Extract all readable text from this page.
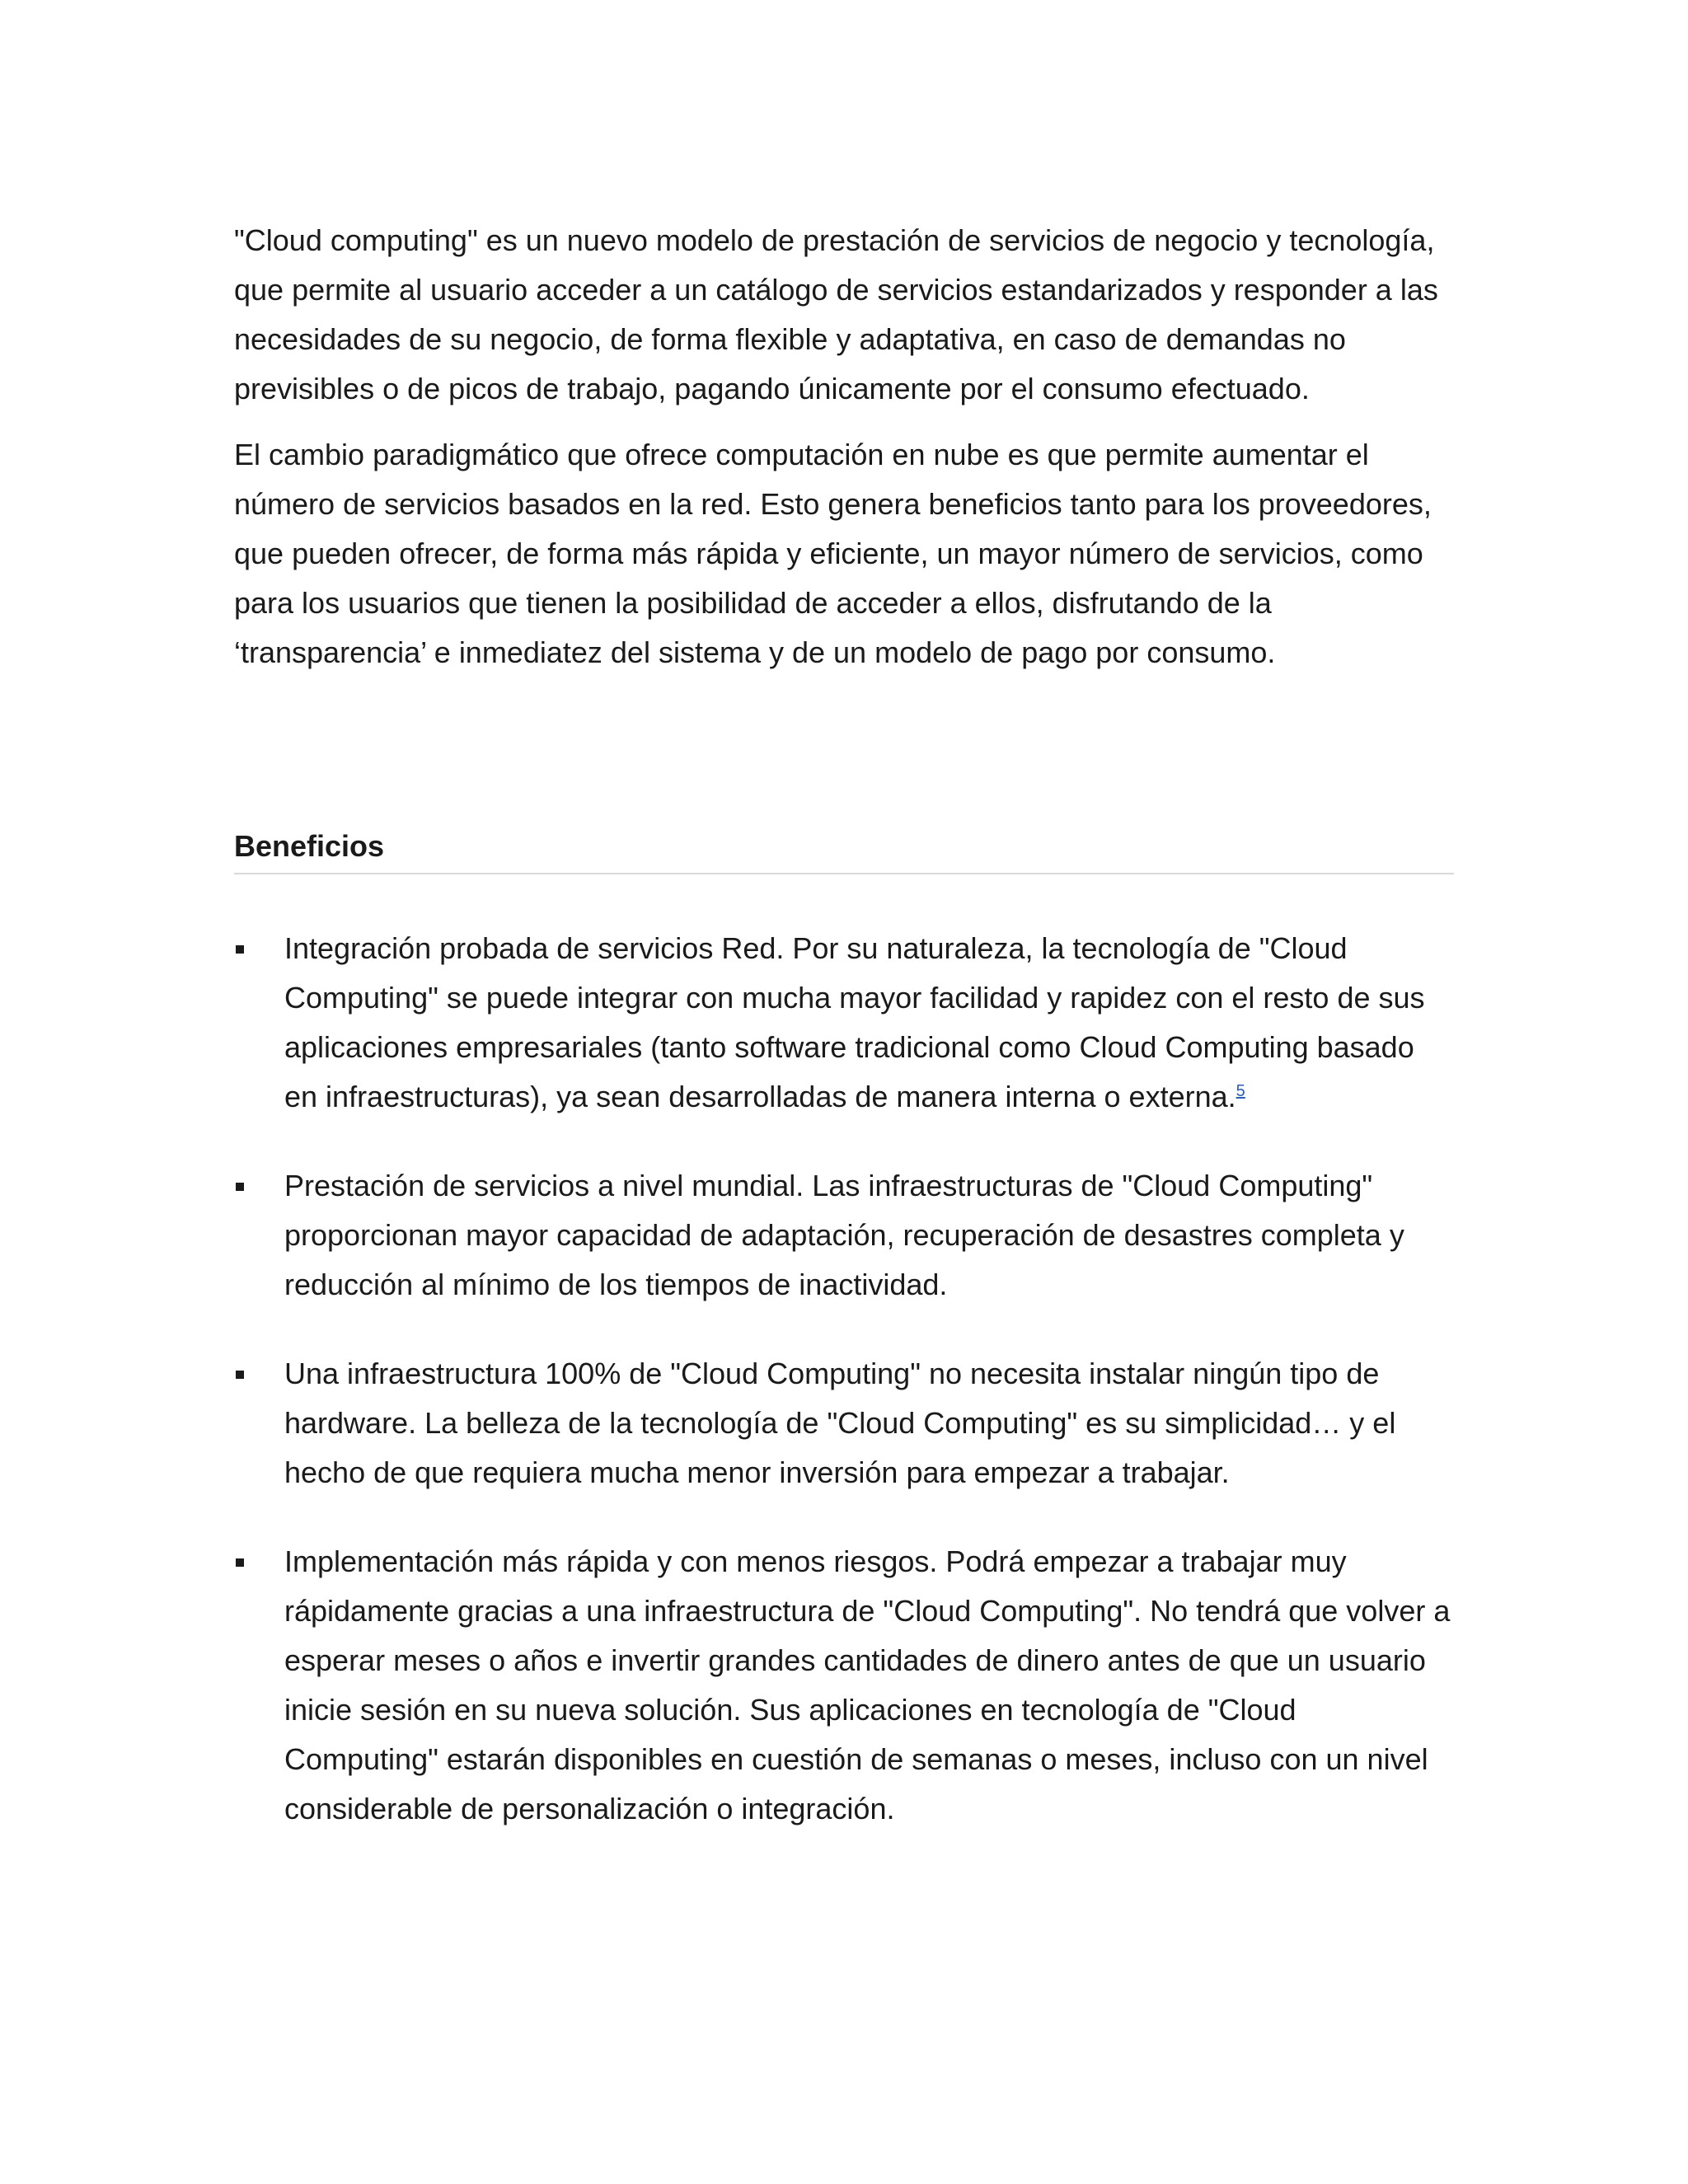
"Cloud computing" es un nuevo modelo de prestación de servicios de negocio y tecnología, que permite al usuario acceder a un catálogo de servicios estandarizados y responder a las necesidades de su negocio, de forma flexible y adaptativa, en caso de demandas no previsibles o de picos de trabajo, pagando únicamente por el consumo efectuado.

El cambio paradigmático que ofrece computación en nube es que permite aumentar el número de servicios basados en la red. Esto genera beneficios tanto para los proveedores, que pueden ofrecer, de forma más rápida y eficiente, un mayor número de servicios, como para los usuarios que tienen la posibilidad de acceder a ellos, disfrutando de la ‘transparencia’ e inmediatez del sistema y de un modelo de pago por consumo.

Beneficios
Integración probada de servicios Red. Por su naturaleza, la tecnología de "Cloud Computing" se puede integrar con mucha mayor facilidad y rapidez con el resto de sus aplicaciones empresariales (tanto software tradicional como Cloud Computing basado en infraestructuras), ya sean desarrolladas de manera interna o externa.$^5$
Prestación de servicios a nivel mundial. Las infraestructuras de "Cloud Computing" proporcionan mayor capacidad de adaptación, recuperación de desastres completa y reducción al mínimo de los tiempos de inactividad.
Una infraestructura 100% de "Cloud Computing" no necesita instalar ningún tipo de hardware. La belleza de la tecnología de "Cloud Computing" es su simplicidad… y el hecho de que requiera mucha menor inversión para empezar a trabajar.
Implementación más rápida y con menos riesgos. Podrá empezar a trabajar muy rápidamente gracias a una infraestructura de "Cloud Computing". No tendrá que volver a esperar meses o años e invertir grandes cantidades de dinero antes de que un usuario inicie sesión en su nueva solución. Sus aplicaciones en tecnología de "Cloud Computing" estarán disponibles en cuestión de semanas o meses, incluso con un nivel considerable de personalización o integración.
